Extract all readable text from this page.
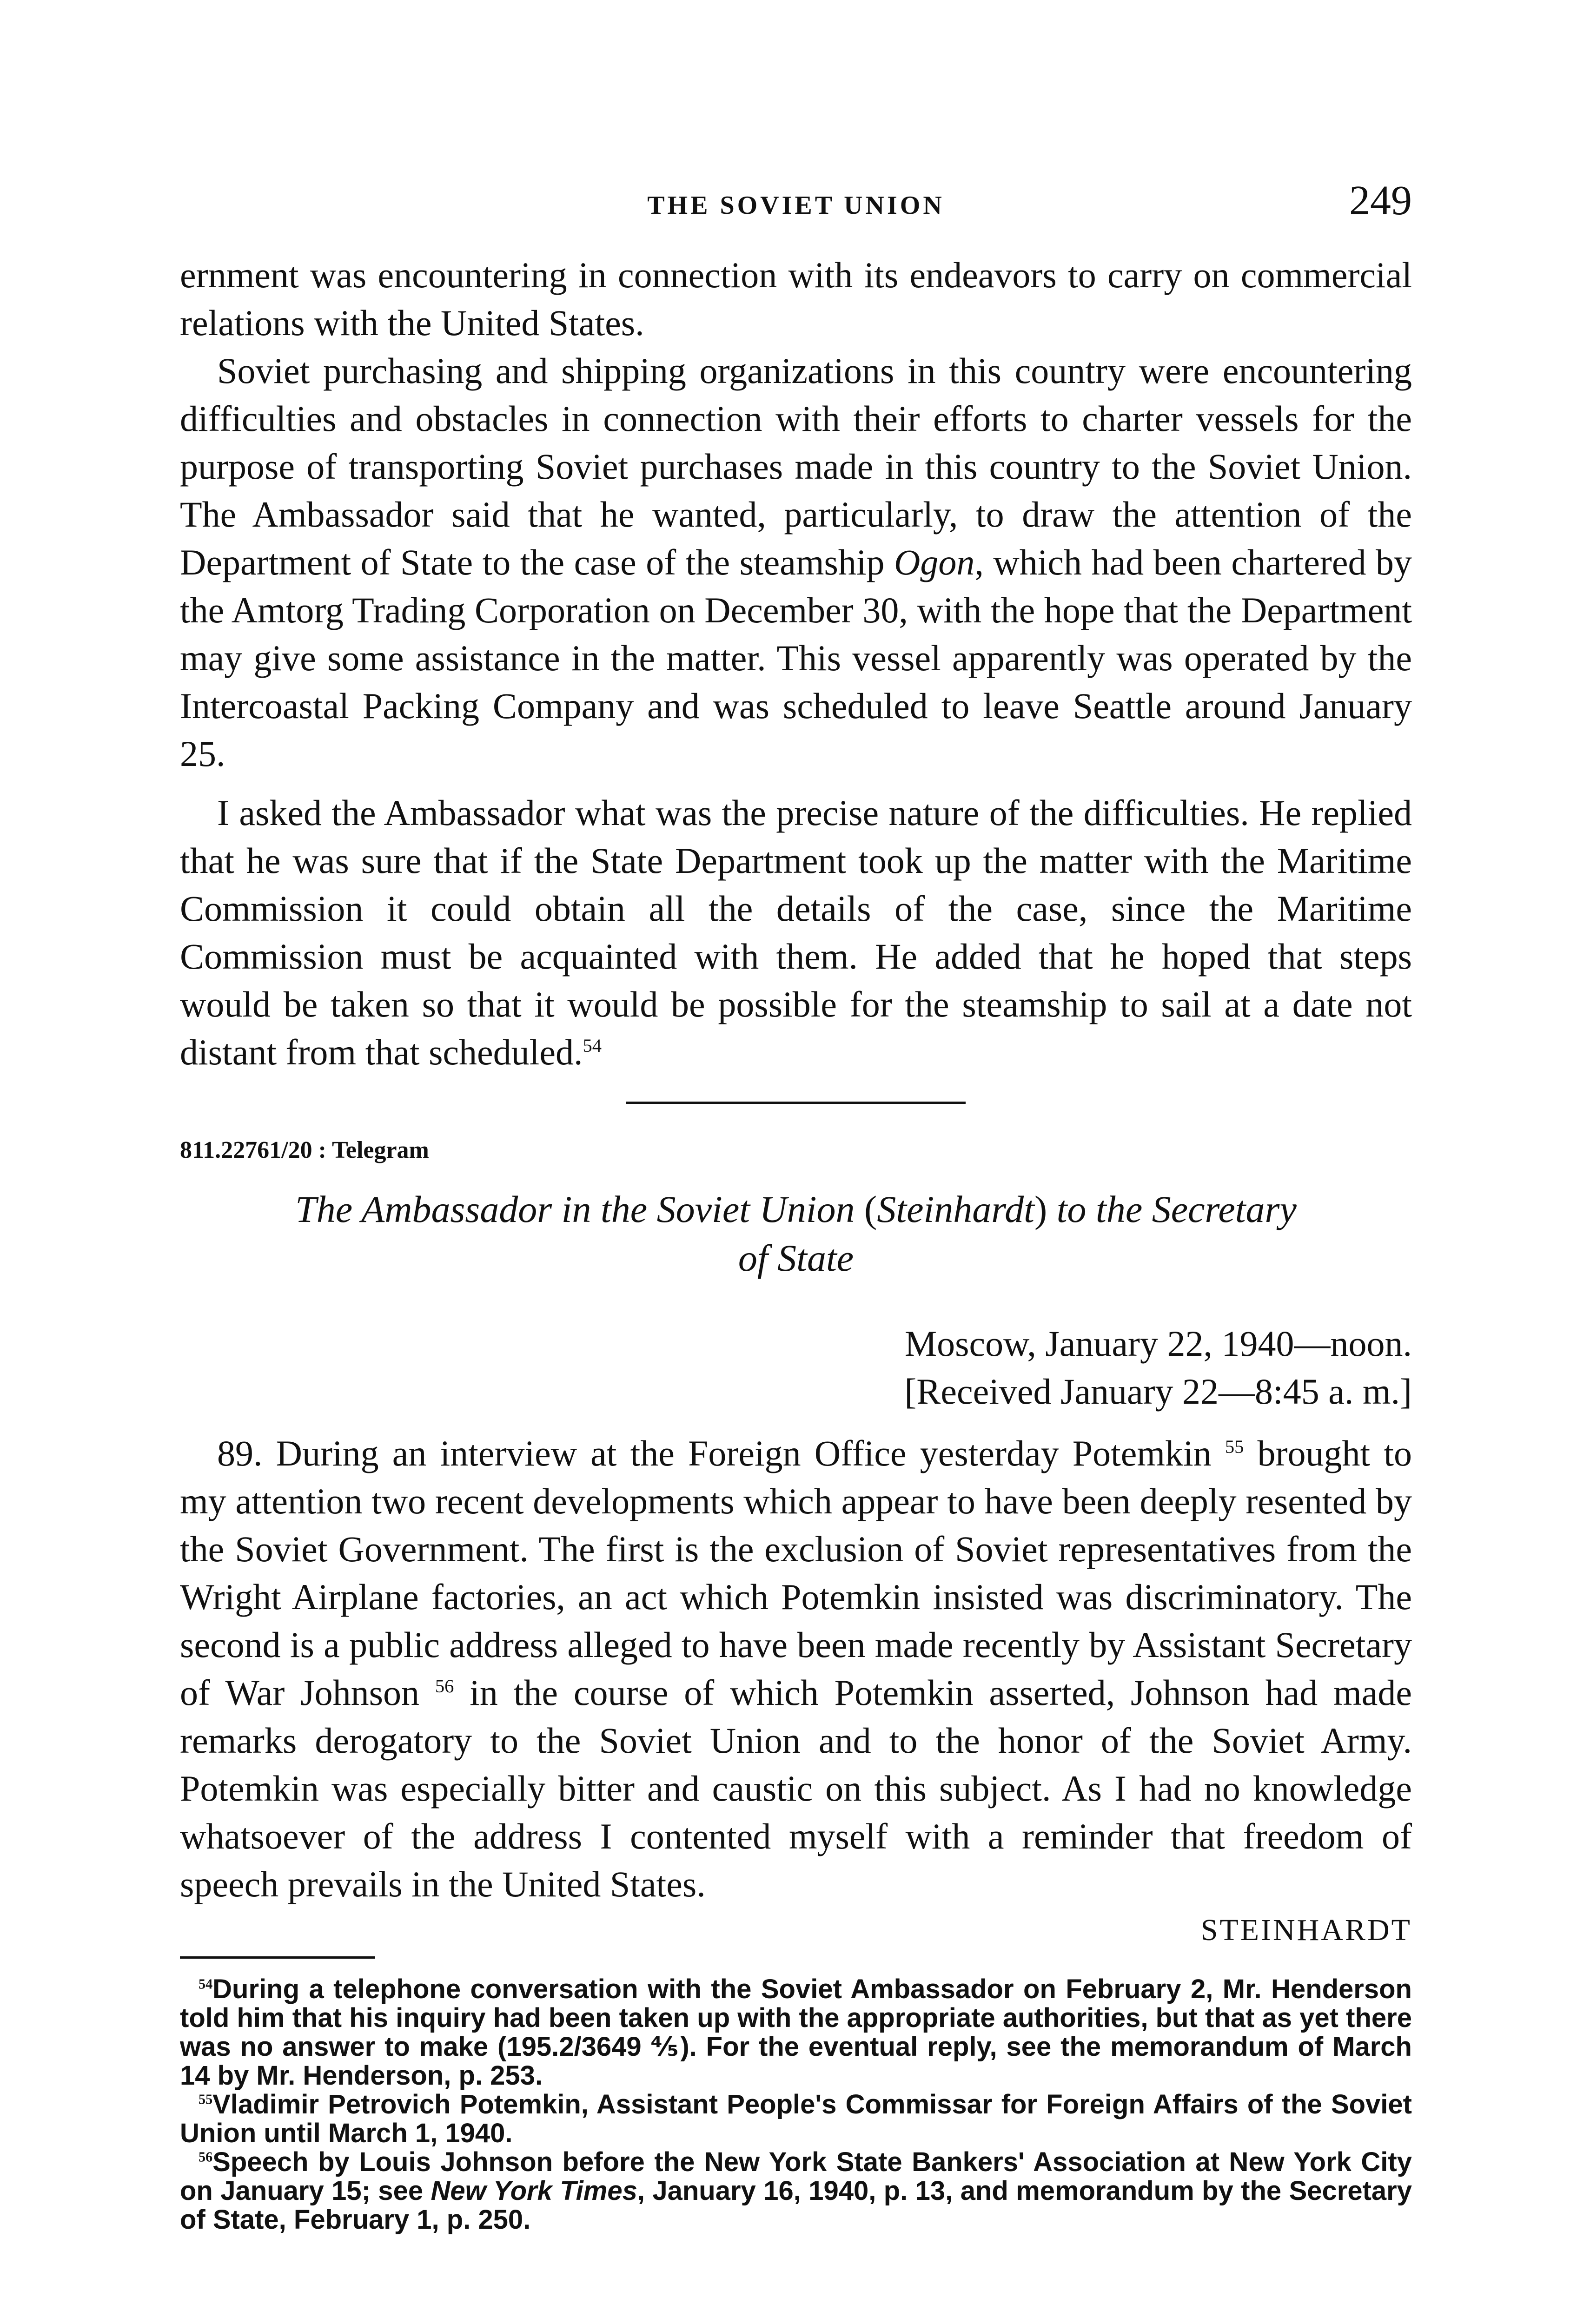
THE SOVIET UNION	249

ernment was encountering in connection with its endeavors to carry on commercial relations with the United States.

Soviet purchasing and shipping organizations in this country were encountering difficulties and obstacles in connection with their efforts to charter vessels for the purpose of transporting Soviet purchases made in this country to the Soviet Union. The Ambassador said that he wanted, particularly, to draw the attention of the Department of State to the case of the steamship Ogon, which had been chartered by the Amtorg Trading Corporation on December 30, with the hope that the Department may give some assistance in the matter. This vessel apparently was operated by the Intercoastal Packing Company and was scheduled to leave Seattle around January 25.

I asked the Ambassador what was the precise nature of the difficulties. He replied that he was sure that if the State Department took up the matter with the Maritime Commission it could obtain all the details of the case, since the Maritime Commission must be acquainted with them. He added that he hoped that steps would be taken so that it would be possible for the steamship to sail at a date not distant from that scheduled.$^{54}$

811.22761/20 : Telegram
The Ambassador in the Soviet Union (Steinhardt) to the Secretary
of State
Moscow, January 22, 1940—noon.
[Received January 22—8:45 a. m.]

89. During an interview at the Foreign Office yesterday Potemkin $^{55}$ brought to my attention two recent developments which appear to have been deeply resented by the Soviet Government. The first is the exclusion of Soviet representatives from the Wright Airplane factories, an act which Potemkin insisted was discriminatory. The second is a public address alleged to have been made recently by Assistant Secretary of War Johnson $^{56}$ in the course of which Potemkin asserted, Johnson had made remarks derogatory to the Soviet Union and to the honor of the Soviet Army. Potemkin was especially bitter and caustic on this subject. As I had no knowledge whatsoever of the address I contented myself with a reminder that freedom of speech prevails in the United States.

STEINHARDT

$^{54}$During a telephone conversation with the Soviet Ambassador on February 2, Mr. Henderson told him that his inquiry had been taken up with the appropriate authorities, but that as yet there was no answer to make (195.2/3649 ⅘). For the eventual reply, see the memorandum of March 14 by Mr. Henderson, p. 253.

$^{55}$Vladimir Petrovich Potemkin, Assistant People's Commissar for Foreign Affairs of the Soviet Union until March 1, 1940.

$^{56}$Speech by Louis Johnson before the New York State Bankers' Association at New York City on January 15; see New York Times, January 16, 1940, p. 13, and memorandum by the Secretary of State, February 1, p. 250.
